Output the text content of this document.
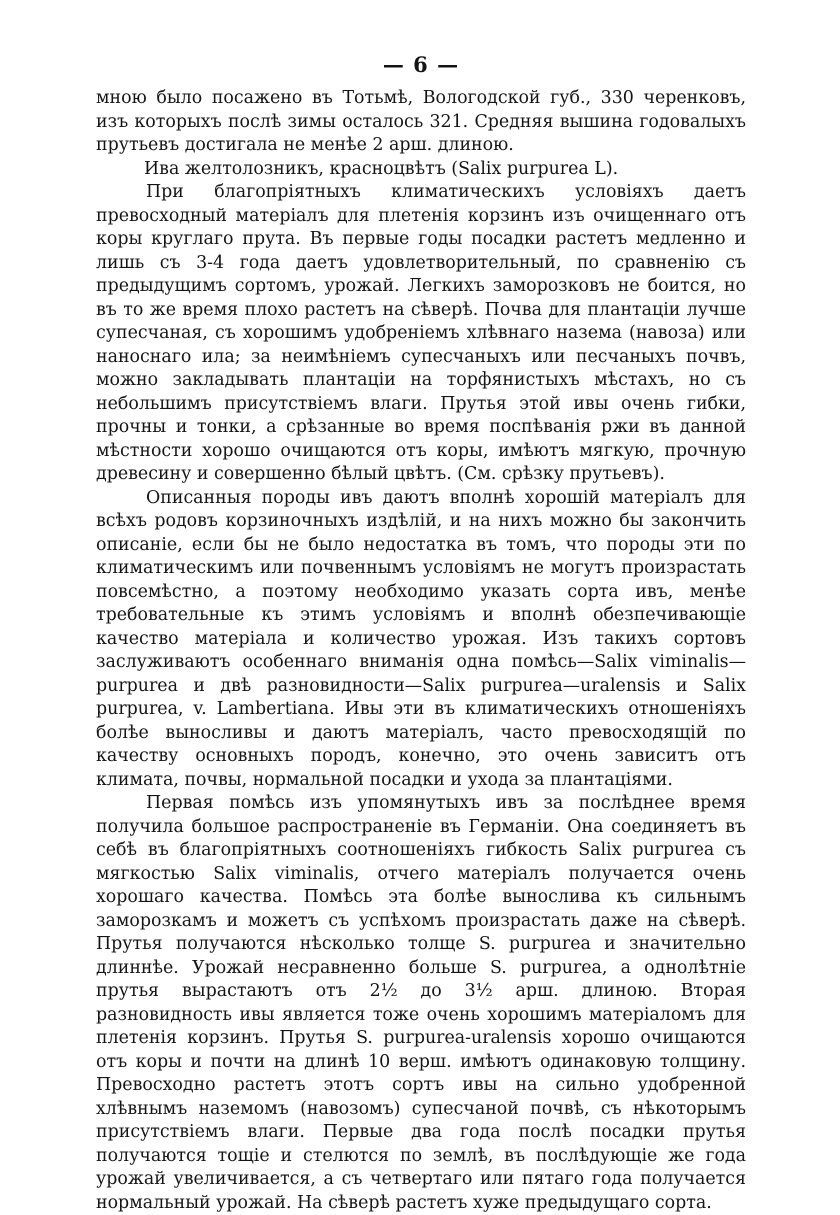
— 6 —

мною было посажено въ Тотьмѣ, Вологодской губ., 330 черенковъ, изъ которыхъ послѣ зимы осталось 321. Средняя вышина годовалыхъ прутьевъ достигала не менѣе 2 арш. длиною.

Ива желтолозникъ, красноцвѣтъ (Salix purpurea L).

При благопріятныхъ климатическихъ условіяхъ даетъ превосходный матеріалъ для плетенія корзинъ изъ очищеннаго отъ коры круглаго прута. Въ первые годы посадки растетъ медленно и лишь съ 3-4 года даетъ удовлетворительный, по сравненію съ предыдущимъ сортомъ, урожай. Легкихъ заморозковъ не боится, но въ то же время плохо растетъ на сѣверѣ. Почва для плантаціи лучше супесчаная, съ хорошимъ удобреніемъ хлѣвнаго назема (навоза) или наноснаго ила; за неимѣніемъ супесчаныхъ или песчаныхъ почвъ, можно закладывать плантаціи на торфянистыхъ мѣстахъ, но съ небольшимъ присутствіемъ влаги. Прутья этой ивы очень гибки, прочны и тонки, а срѣзанные во время поспѣванія ржи въ данной мѣстности хорошо очищаются отъ коры, имѣютъ мягкую, прочную древесину и совершенно бѣлый цвѣтъ. (См. срѣзку прутьевъ).

Описанныя породы ивъ даютъ вполнѣ хорошій матеріалъ для всѣхъ родовъ корзиночныхъ издѣлій, и на нихъ можно бы закончить описаніе, если бы не было недостатка въ томъ, что породы эти по климатическимъ или почвеннымъ условіямъ не могутъ произрастать повсемѣстно, а поэтому необходимо указать сорта ивъ, менѣе требовательные къ этимъ условіямъ и вполнѣ обезпечивающіе качество матеріала и количество урожая. Изъ такихъ сортовъ заслуживаютъ особеннаго вниманія одна помѣсь—Salix viminalis—purpurea и двѣ разновидности—Salix purpurea—uralensis и Salix purpurea, v. Lambertiana. Ивы эти въ климатическихъ отношеніяхъ болѣе выносливы и даютъ матеріалъ, часто превосходящій по качеству основныхъ породъ, конечно, это очень зависитъ отъ климата, почвы, нормальной посадки и ухода за плантаціями.

Первая помѣсь изъ упомянутыхъ ивъ за послѣднее время получила большое распространеніе въ Германіи. Она соединяетъ въ себѣ въ благопріятныхъ соотношеніяхъ гибкость Salix purpurea съ мягкостью Salix viminalis, отчего матеріалъ получается очень хорошаго качества. Помѣсь эта болѣе вынослива къ сильнымъ заморозкамъ и можетъ съ успѣхомъ произрастать даже на сѣверѣ. Прутья получаются нѣсколько толще S. purpurea и значительно длиннѣе. Урожай несравненно больше S. purpurea, а однолѣтніе прутья вырастаютъ отъ 2½ до 3½ арш. длиною. Вторая разновидность ивы является тоже очень хорошимъ матеріаломъ для плетенія корзинъ. Прутья S. purpurea-uralensis хорошо очищаются отъ коры и почти на длинѣ 10 верш. имѣютъ одинаковую толщину. Превосходно растетъ этотъ сортъ ивы на сильно удобренной хлѣвнымъ наземомъ (навозомъ) супесчаной почвѣ, съ нѣкоторымъ присутствіемъ влаги. Первые два года послѣ посадки прутья получаются тощіе и стелются по землѣ, въ послѣдующіе же года урожай увеличивается, а съ четвертаго или пятаго года получается нормальный урожай. На сѣверѣ растетъ хуже предыдущаго сорта.
